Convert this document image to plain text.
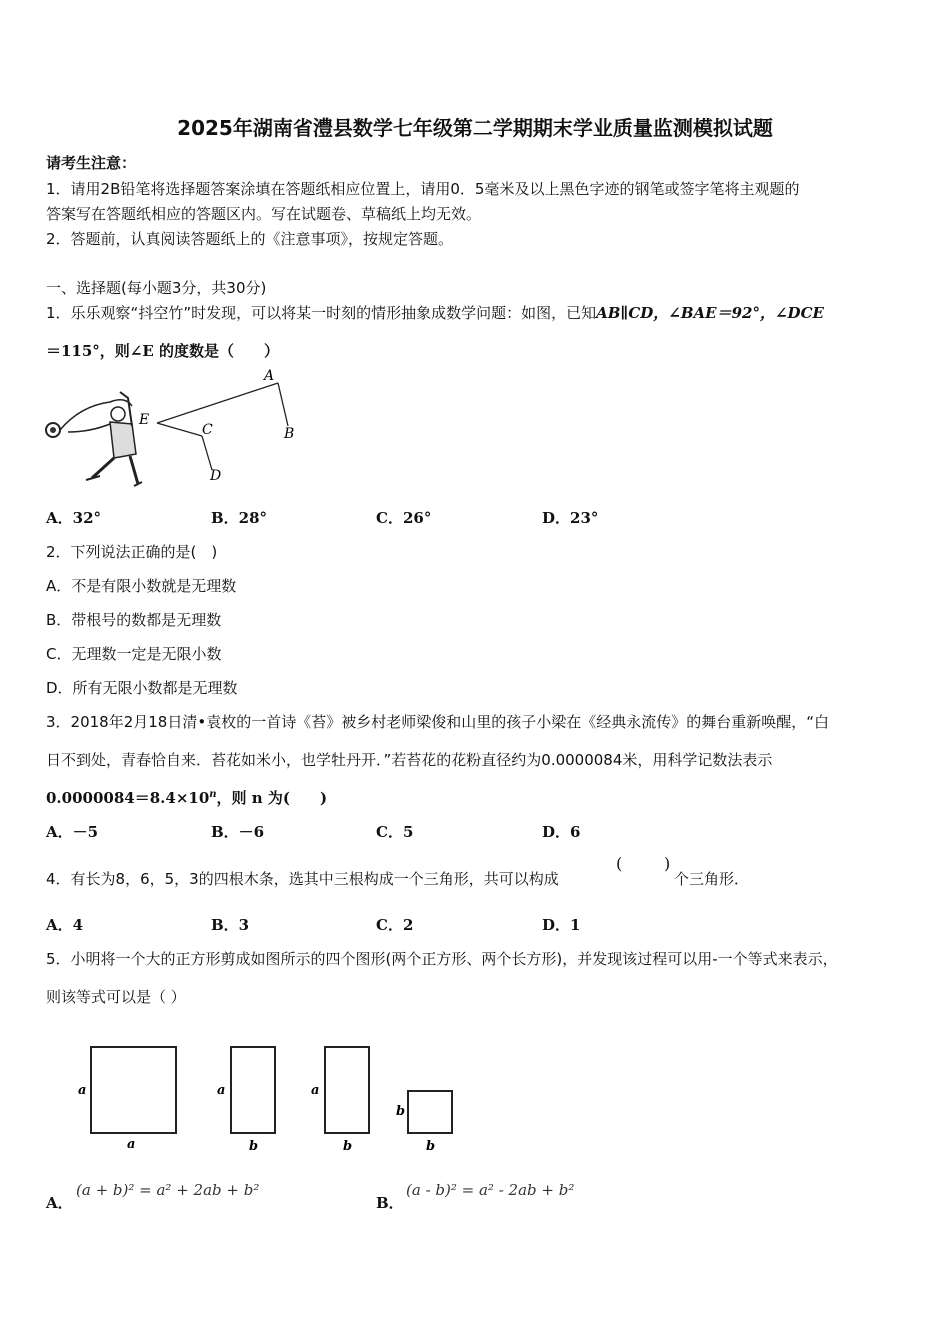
2025年湖南省澧县数学七年级第二学期期末学业质量监测模拟试题
请考生注意：
1．请用2B铅笔将选择题答案涂填在答题纸相应位置上，请用0．5毫米及以上黑色字迹的钢笔或签字笔将主观题的
答案写在答题纸相应的答题区内。写在试题卷、草稿纸上均无效。
2．答题前，认真阅读答题纸上的《注意事项》，按规定答题。
一、选择题(每小题3分，共30分)
1．乐乐观察“抖空竹”时发现，可以将某一时刻的情形抽象成数学问题：如图，已知AB∥CD，∠BAE＝92°，∠DCE
＝115°，则∠E 的度数是（　　）
A
B
C
D
E
A．32°	B．28°	C．26°	D．23°
2．下列说法正确的是(　)
A．不是有限小数就是无理数
B．带根号的数都是无理数
C．无理数一定是无限小数
D．所有无限小数都是无理数
3．2018年2月18日清•袁枚的一首诗《苔》被乡村老师梁俊和山里的孩子小梁在《经典永流传》的舞台重新唤醒，“白
日不到处，青春恰自来．苔花如米小，也学牡丹开．”若苔花的花粉直径约为0.0000084米，用科学记数法表示
$0.0000084=8.4\times 10^n$，则 n 为(　　)
A．－5	B．－6	C．5	D．6
4．有长为8，6，5，3的四根木条，选其中三根构成一个三角形，共可以构成
(	)
个三角形．
A．4	B．3	C．2	D．1
5．小明将一个大的正方形剪成如图所示的四个图形(两个正方形、两个长方形)，并发现该过程可以用-一个等式来表示，
则该等式可以是（ ）
a
a
a
b
a
b
b
b
A．
(a + b)² = a² + 2ab + b²
B．
(a - b)² = a² - 2ab + b²
